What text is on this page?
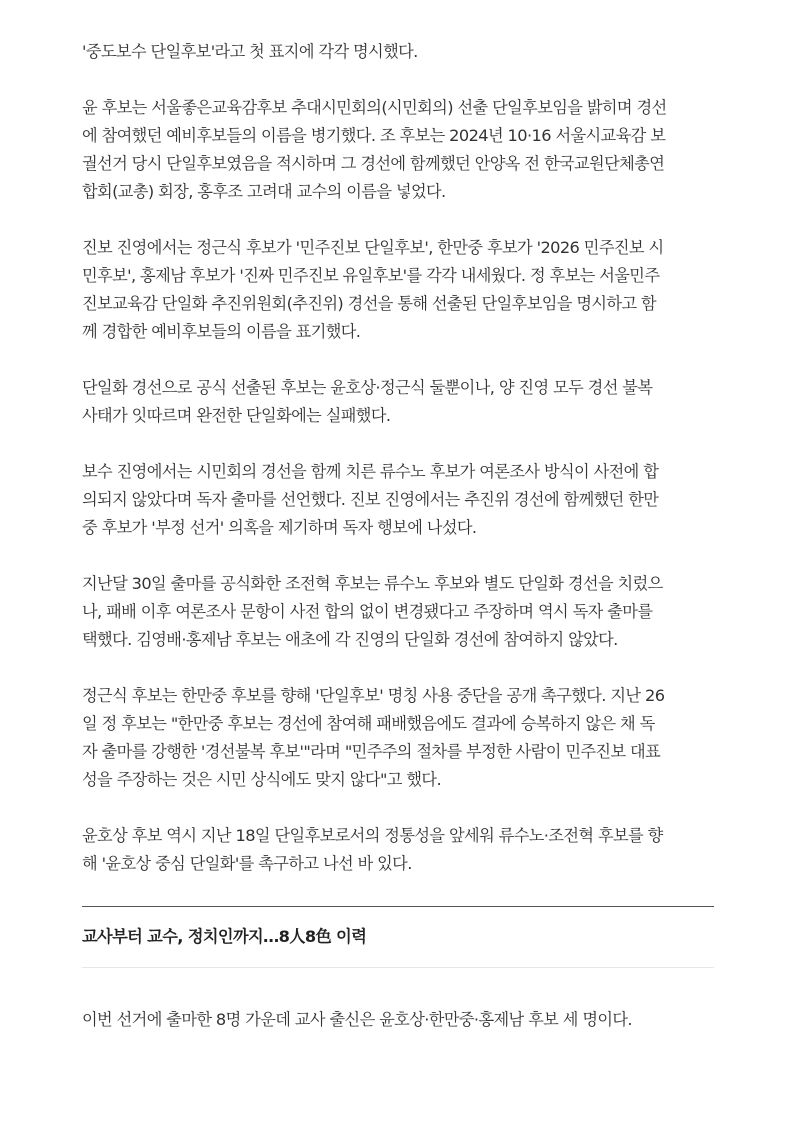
'중도보수 단일후보'라고 첫 표지에 각각 명시했다.

윤 후보는 서울좋은교육감후보 추대시민회의(시민회의) 선출 단일후보임을 밝히며 경선
에 참여했던 예비후보들의 이름을 병기했다. 조 후보는 2024년 10·16 서울시교육감 보
궐선거 당시 단일후보였음을 적시하며 그 경선에 함께했던 안양옥 전 한국교원단체총연
합회(교총) 회장, 홍후조 고려대 교수의 이름을 넣었다.

진보 진영에서는 정근식 후보가 '민주진보 단일후보', 한만중 후보가 '2026 민주진보 시
민후보', 홍제남 후보가 '진짜 민주진보 유일후보'를 각각 내세웠다. 정 후보는 서울민주
진보교육감 단일화 추진위원회(추진위) 경선을 통해 선출된 단일후보임을 명시하고 함
께 경합한 예비후보들의 이름을 표기했다.

단일화 경선으로 공식 선출된 후보는 윤호상·정근식 둘뿐이나, 양 진영 모두 경선 불복
사태가 잇따르며 완전한 단일화에는 실패했다.

보수 진영에서는 시민회의 경선을 함께 치른 류수노 후보가 여론조사 방식이 사전에 합
의되지 않았다며 독자 출마를 선언했다. 진보 진영에서는 추진위 경선에 함께했던 한만
중 후보가 '부정 선거' 의혹을 제기하며 독자 행보에 나섰다.

지난달 30일 출마를 공식화한 조전혁 후보는 류수노 후보와 별도 단일화 경선을 치렀으
나, 패배 이후 여론조사 문항이 사전 합의 없이 변경됐다고 주장하며 역시 독자 출마를
택했다. 김영배·홍제남 후보는 애초에 각 진영의 단일화 경선에 참여하지 않았다.

정근식 후보는 한만중 후보를 향해 '단일후보' 명칭 사용 중단을 공개 촉구했다. 지난 26
일 정 후보는 "한만중 후보는 경선에 참여해 패배했음에도 결과에 승복하지 않은 채 독
자 출마를 강행한 '경선불복 후보'"라며 "민주주의 절차를 부정한 사람이 민주진보 대표
성을 주장하는 것은 시민 상식에도 맞지 않다"고 했다.

윤호상 후보 역시 지난 18일 단일후보로서의 정통성을 앞세워 류수노·조전혁 후보를 향
해 '윤호상 중심 단일화'를 촉구하고 나선 바 있다.

교사부터 교수, 정치인까지…8人8色 이력

이번 선거에 출마한 8명 가운데 교사 출신은 윤호상·한만중·홍제남 후보 세 명이다.
